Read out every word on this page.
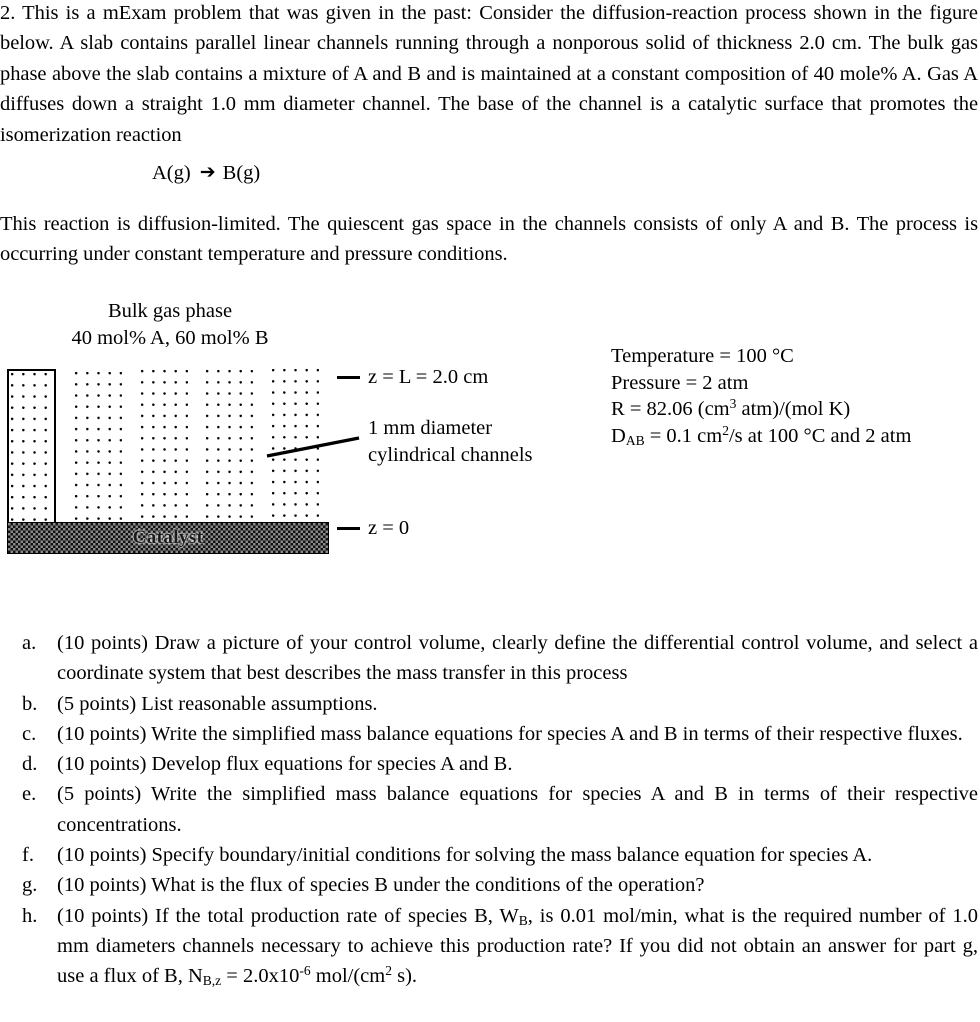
2. This is a mExam problem that was given in the past: Consider the diffusion-reaction process shown in the figure below. A slab contains parallel linear channels running through a nonporous solid of thickness 2.0 cm. The bulk gas phase above the slab contains a mixture of A and B and is maintained at a constant composition of 40 mole% A. Gas A diffuses down a straight 1.0 mm diameter channel. The base of the channel is a catalytic surface that promotes the isomerization reaction
A(g) ➔ B(g)
This reaction is diffusion-limited. The quiescent gas space in the channels consists of only A and B. The process is occurring under constant temperature and pressure conditions.
Bulk gas phase
40 mol% A, 60 mol% B
Catalyst
z = L = 2.0 cm
1 mm diameter
cylindrical channels
z = 0
Temperature = 100 °C
Pressure = 2 atm
R = 82.06 ($cm^3$ atm)/(mol K)
$D_{AB} = 0.1$ $cm^2/s$ at 100 °C and 2 atm
a.	(10 points) Draw a picture of your control volume, clearly define the differential control volume, and select a coordinate system that best describes the mass transfer in this process
b. (5 points) List reasonable assumptions.
c.	(10 points) Write the simplified mass balance equations for species A and B in terms of their respective fluxes.
d. (10 points) Develop flux equations for species A and B.
e.	(5 points) Write the simplified mass balance equations for species A and B in terms of their respective concentrations.
f.	(10 points) Specify boundary/initial conditions for solving the mass balance equation for species A.
g. (10 points) What is the flux of species B under the conditions of the operation?
h. (10 points) If the total production rate of species B, $W_B$, is 0.01 mol/min, what is the required number of 1.0 mm diameters channels necessary to achieve this production rate? If you did not obtain an answer for part g, use a flux of B, $N_{B,z} = 2.0x10^{-6}$ mol/($cm^2$ s).
